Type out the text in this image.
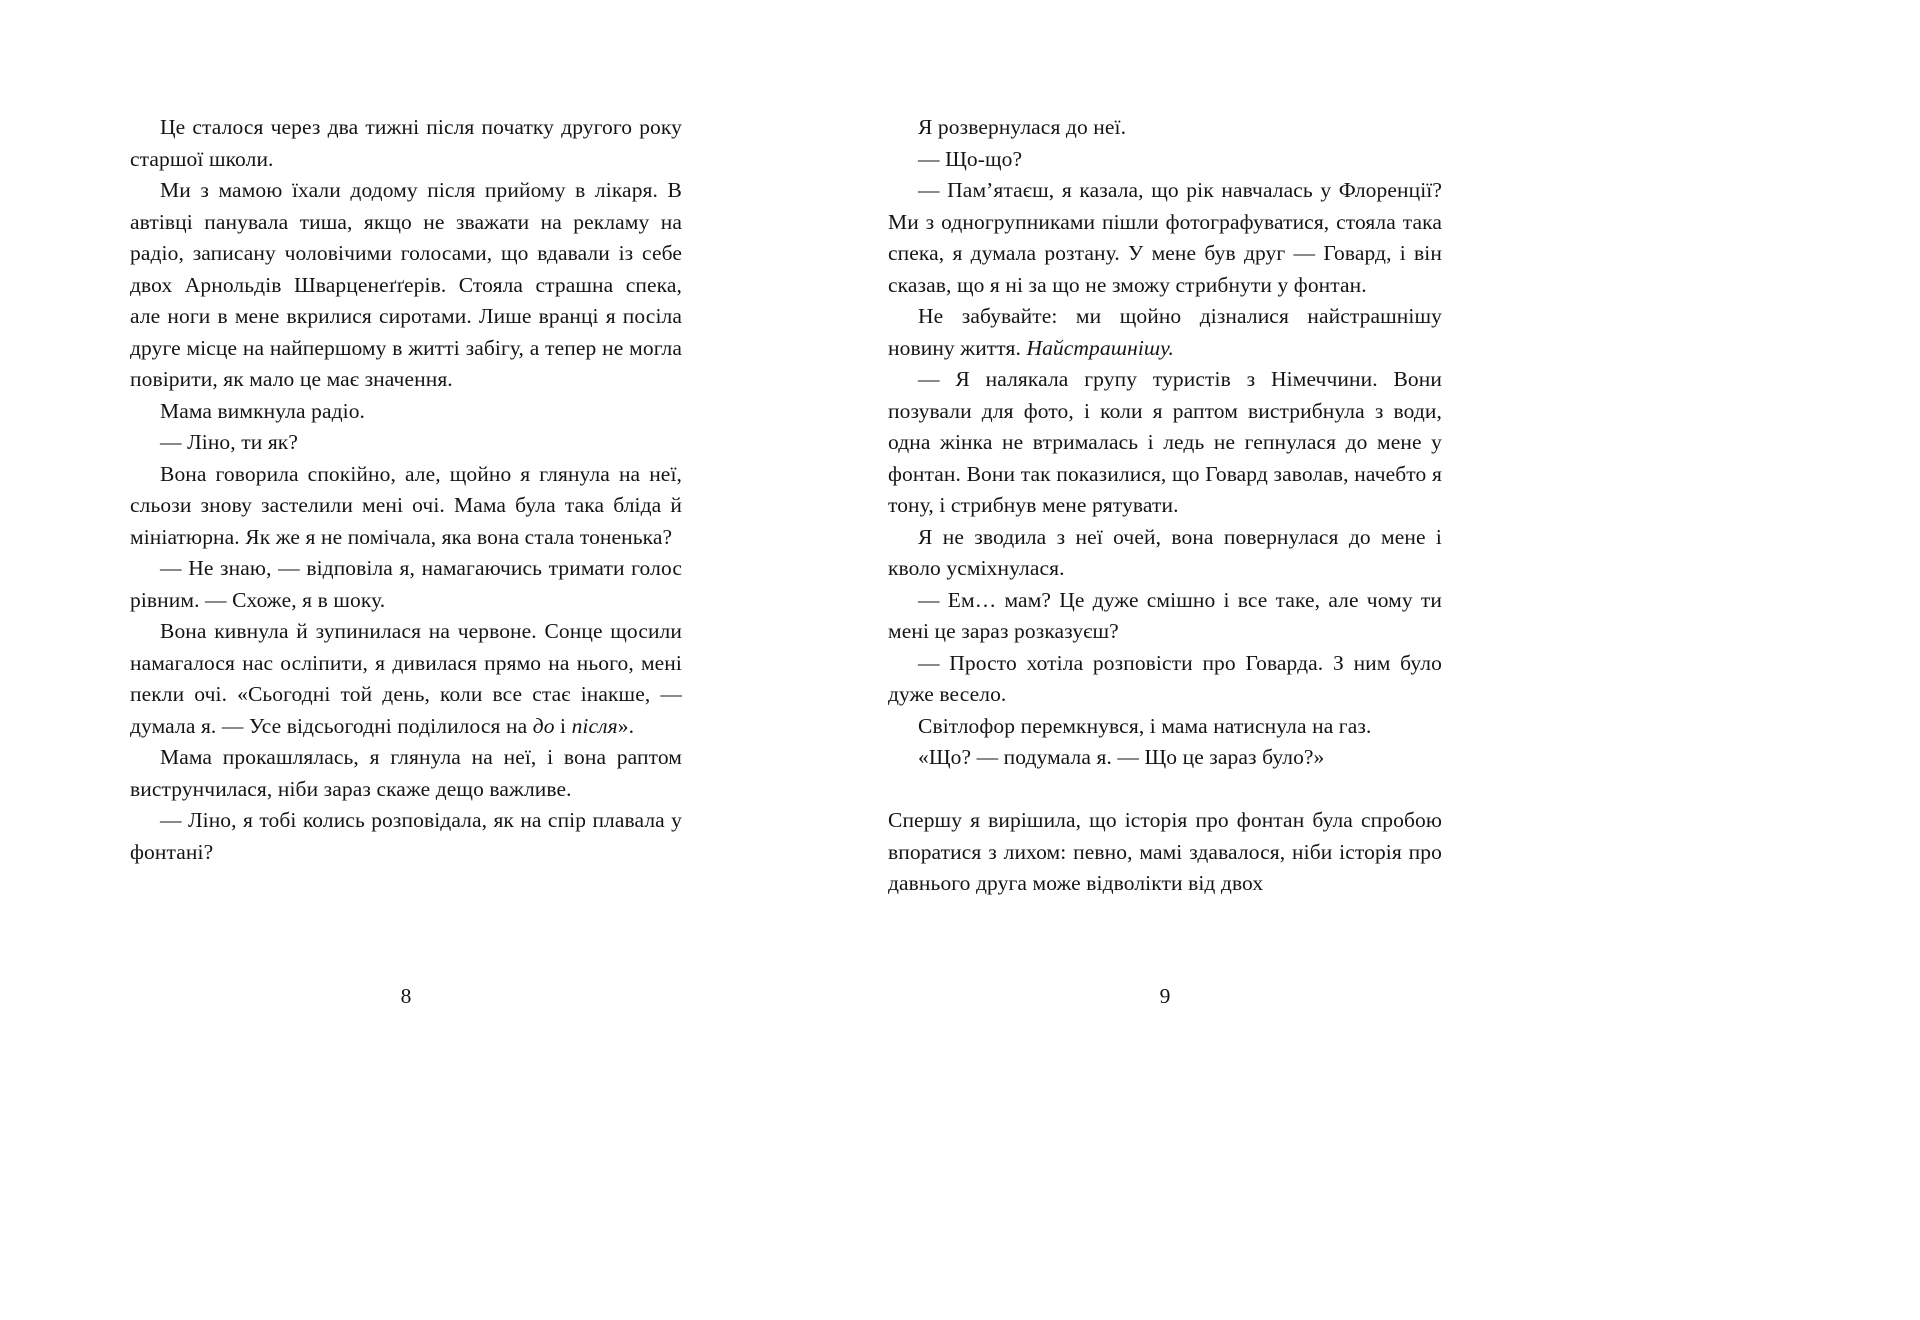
Це сталося через два тижні після початку другого року старшої школи.

Ми з мамою їхали додому після прийому в лікаря. В автівці панувала тиша, якщо не зважати на рекламу на радіо, записану чоловічими голосами, що вдавали із себе двох Арнольдів Шварценеґґерів. Стояла страшна спека, але ноги в мене вкрилися сиротами. Лише вранці я посіла друге місце на найпершому в житті забігу, а тепер не могла повірити, як мало це має значення.

Мама вимкнула радіо.

— Ліно, ти як?

Вона говорила спокійно, але, щойно я глянула на неї, сльози знову застелили мені очі. Мама була така бліда й мініатюрна. Як же я не помічала, яка вона стала тоненька?

— Не знаю, — відповіла я, намагаючись тримати голос рівним. — Схоже, я в шоку.

Вона кивнула й зупинилася на червоне. Сонце щосили намагалося нас осліпити, я дивилася прямо на нього, мені пекли очі. «Сьогодні той день, коли все стає інакше, — думала я. — Усе відсьогодні поділилося на до і після».

Мама прокашлялась, я глянула на неї, і вона раптом виструнчилася, ніби зараз скаже дещо важливе.

— Ліно, я тобі колись розповідала, як на спір плавала у фонтані?

8

Я розвернулася до неї.

— Що-що?

— Памʼятаєш, я казала, що рік навчалась у Флоренції? Ми з одногрупниками пішли фотографуватися, стояла така спека, я думала розтану. У мене був друг — Говард, і він сказав, що я ні за що не зможу стрибнути у фонтан.

Не забувайте: ми щойно дізналися найстрашнішу новину життя. Найстрашнішу.

— Я налякала групу туристів з Німеччини. Вони позували для фото, і коли я раптом вистрибнула з води, одна жінка не втрималась і ледь не гепнулася до мене у фонтан. Вони так показилися, що Говард заволав, начебто я тону, і стрибнув мене рятувати.

Я не зводила з неї очей, вона повернулася до мене і кволо усміхнулася.

— Ем… мам? Це дуже смішно і все таке, але чому ти мені це зараз розказуєш?

— Просто хотіла розповісти про Говарда. З ним було дуже весело.

Світлофор перемкнувся, і мама натиснула на газ.

«Що? — подумала я. — Що це зараз було?»

Спершу я вирішила, що історія про фонтан була спробою впоратися з лихом: певно, мамі здавалося, ніби історія про давнього друга може відволікти від двох

9
